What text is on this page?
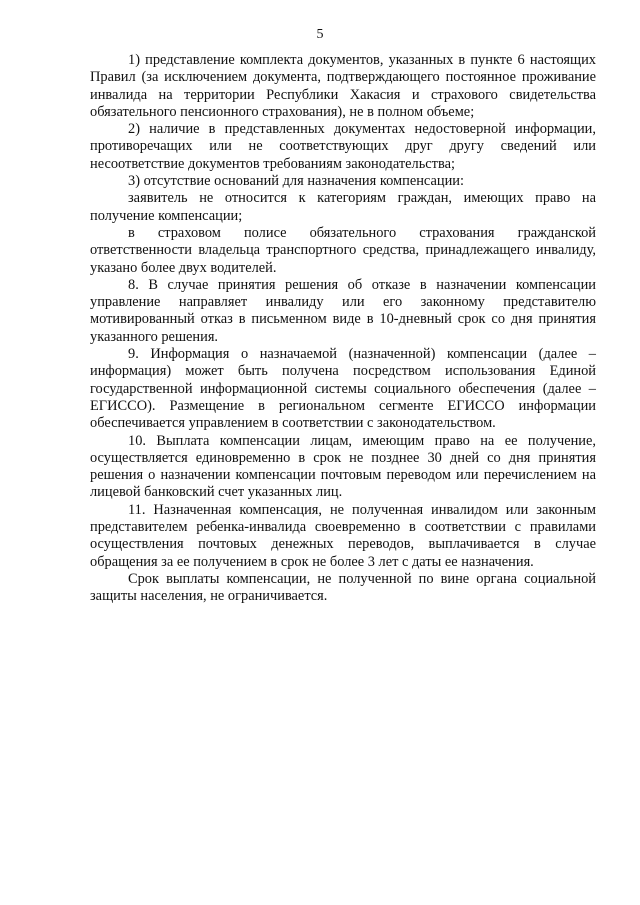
5

1) представление комплекта документов, указанных в пункте 6 настоящих Правил (за исключением документа, подтверждающего постоянное проживание инвалида на территории Республики Хакасия и страхового свидетельства обязательного пенсионного страхования), не в полном объеме;

2) наличие в представленных документах недостоверной информации, противоречащих или не соответствующих друг другу сведений или несоответствие документов требованиям законодательства;

3) отсутствие оснований для назначения компенсации:

заявитель не относится к категориям граждан, имеющих право на получение компенсации;

в страховом полисе обязательного страхования гражданской ответственности владельца транспортного средства, принадлежащего инвалиду, указано более двух водителей.

8. В случае принятия решения об отказе в назначении компенсации управление направляет инвалиду или его законному представителю мотивированный отказ в письменном виде в 10-дневный срок со дня принятия указанного решения.

9. Информация о назначаемой (назначенной) компенсации (далее – информация) может быть получена посредством использования Единой государственной информационной системы социального обеспечения (далее – ЕГИССО). Размещение в региональном сегменте ЕГИССО информации обеспечивается управлением в соответствии с законодательством.

10. Выплата компенсации лицам, имеющим право на ее получение, осуществляется единовременно в срок не позднее 30 дней со дня принятия решения о назначении компенсации почтовым переводом или перечислением на лицевой банковский счет указанных лиц.

11. Назначенная компенсация, не полученная инвалидом или законным представителем ребенка-инвалида своевременно в соответствии с правилами осуществления почтовых денежных переводов, выплачивается в случае обращения за ее получением в срок не более 3 лет с даты ее назначения.

Срок выплаты компенсации, не полученной по вине органа социальной защиты населения, не ограничивается.
